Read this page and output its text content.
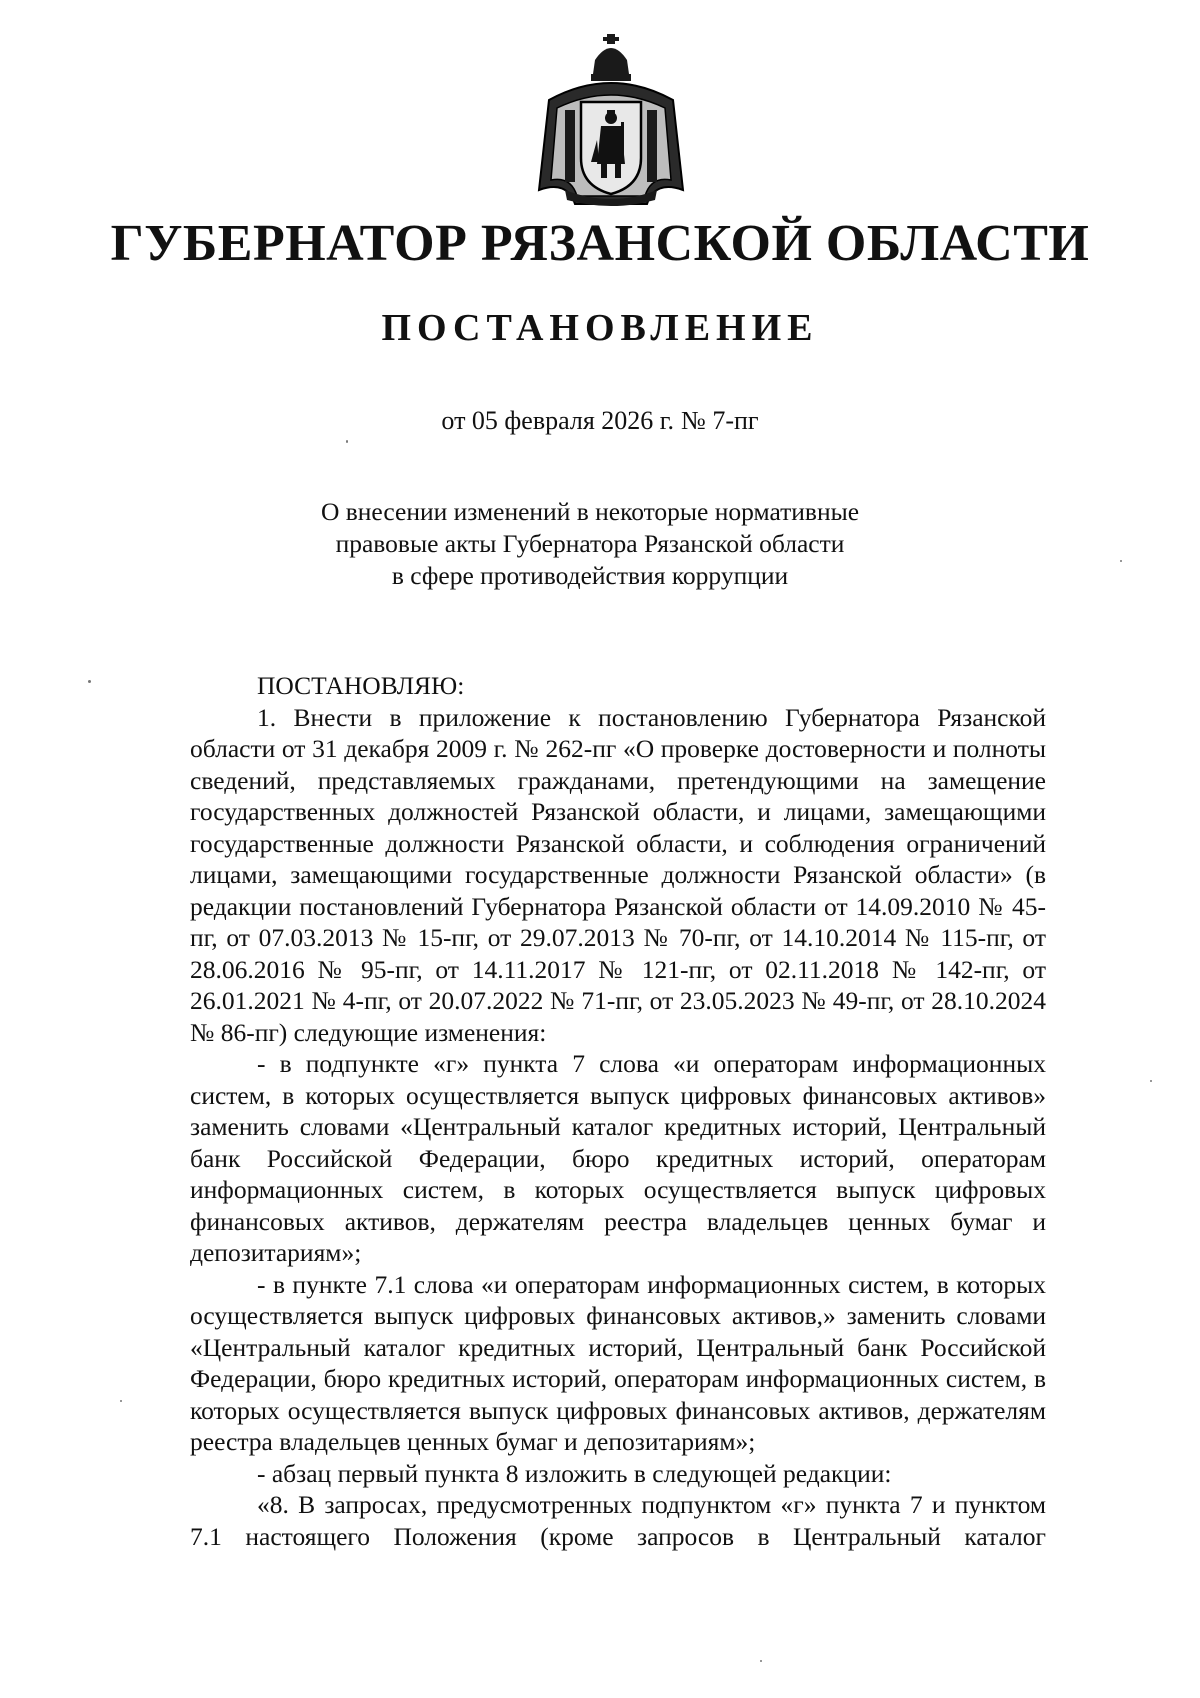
ГУБЕРНАТОР РЯЗАНСКОЙ ОБЛАСТИ
ПОСТАНОВЛЕНИЕ
от 05 февраля 2026 г. № 7-пг
О внесении изменений в некоторые нормативные
правовые акты Губернатора Рязанской области
в сфере противодействия коррупции

ПОСТАНОВЛЯЮ:

1. Внести в приложение к постановлению Губернатора Рязанской области от 31 декабря 2009 г. № 262-пг «О проверке достоверности и полноты сведений, представляемых гражданами, претендующими на замещение государственных должностей Рязанской области, и лицами, замещающими государственные должности Рязанской области, и соблюдения ограничений лицами, замещающими государственные должности Рязанской области» (в редакции постановлений Губернатора Рязанской области от 14.09.2010 № 45-пг, от 07.03.2013 № 15-пг, от 29.07.2013 № 70-пг, от 14.10.2014 № 115-пг, от 28.06.2016 № 95-пг, от 14.11.2017 № 121-пг, от 02.11.2018 № 142-пг, от 26.01.2021 № 4-пг, от 20.07.2022 № 71-пг, от 23.05.2023 № 49-пг, от 28.10.2024 № 86-пг) следующие изменения:

- в подпункте «г» пункта 7 слова «и операторам информационных систем, в которых осуществляется выпуск цифровых финансовых активов» заменить словами «Центральный каталог кредитных историй, Центральный банк Российской Федерации, бюро кредитных историй, операторам информационных систем, в которых осуществляется выпуск цифровых финансовых активов, держателям реестра владельцев ценных бумаг и депозитариям»;

- в пункте 7.1 слова «и операторам информационных систем, в которых осуществляется выпуск цифровых финансовых активов,» заменить словами «Центральный каталог кредитных историй, Центральный банк Российской Федерации, бюро кредитных историй, операторам информационных систем, в которых осуществляется выпуск цифровых финансовых активов, держателям реестра владельцев ценных бумаг и депозитариям»;

- абзац первый пункта 8 изложить в следующей редакции:

«8. В запросах, предусмотренных подпунктом «г» пункта 7 и пунктом 7.1 настоящего Положения (кроме запросов в Центральный каталог
